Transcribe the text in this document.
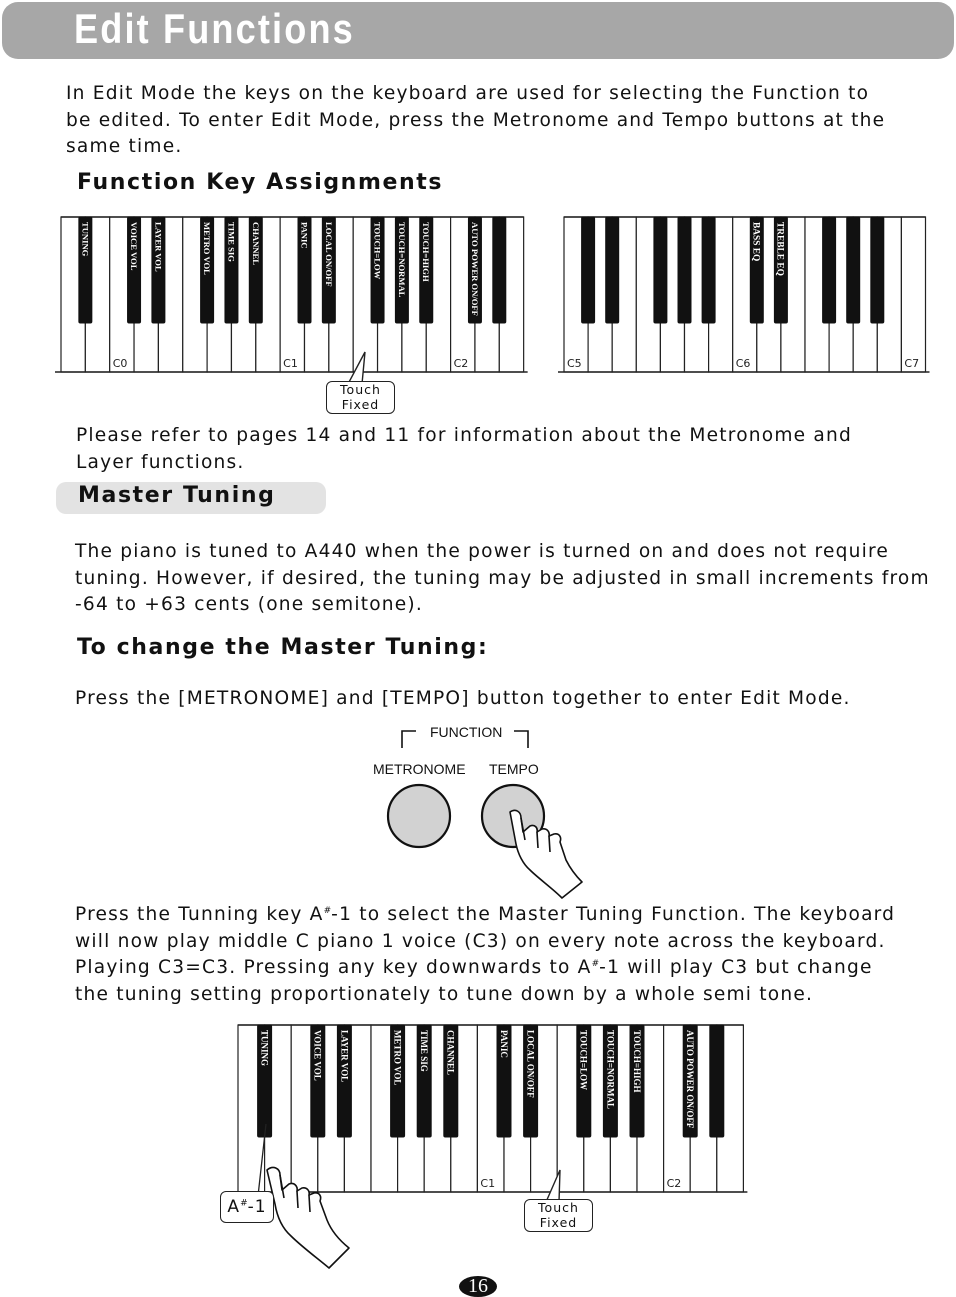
Edit Functions

In Edit Mode the keys on the keyboard are used for selecting the Function to be edited. To enter Edit Mode, press the Metronome and Tempo buttons at the same time.

Function Key Assignments
TUNING	VOICE VOL LAYER VOL	METRO VOL TIME SIG CHANNEL	PANIC LOCAL ON/OFF	TOUCH=LOW TOUCH=NORMAL TOUCH=HIGH	AUTO POWER ON/OFF
C0	C1	C2
BASS EQ TREBLE EQ
C5	C6	C7
Touch
Fixed

Please refer to pages 14 and 11 for information about the Metronome and Layer functions.

Master Tuning

The piano is tuned to A440 when the power is turned on and does not require tuning. However, if desired, the tuning may be adjusted in small increments from -64 to +63 cents (one semitone).

To change the Master Tuning:

Press the [METRONOME] and [TEMPO] button together to enter Edit Mode.

FUNCTION
METRONOME TEMPO
Press the Tunning key A#-1 to select the Master Tuning Function. The keyboard
will now play middle C piano 1 voice (C3) on every note across the keyboard.
Playing C3=C3. Pressing any key downwards to A#-1 will play C3 but change
the tuning setting proportionately to tune down by a whole semi tone.
TUNING	VOICE VOL LAYER VOL	METRO VOL TIME SIG CHANNEL	PANIC LOCAL ON/OFF	TOUCH=LOW TOUCH=NORMAL TOUCH=HIGH	AUTO POWER ON/OFF
C1	C2
A#-1	Touch
Fixed
16
